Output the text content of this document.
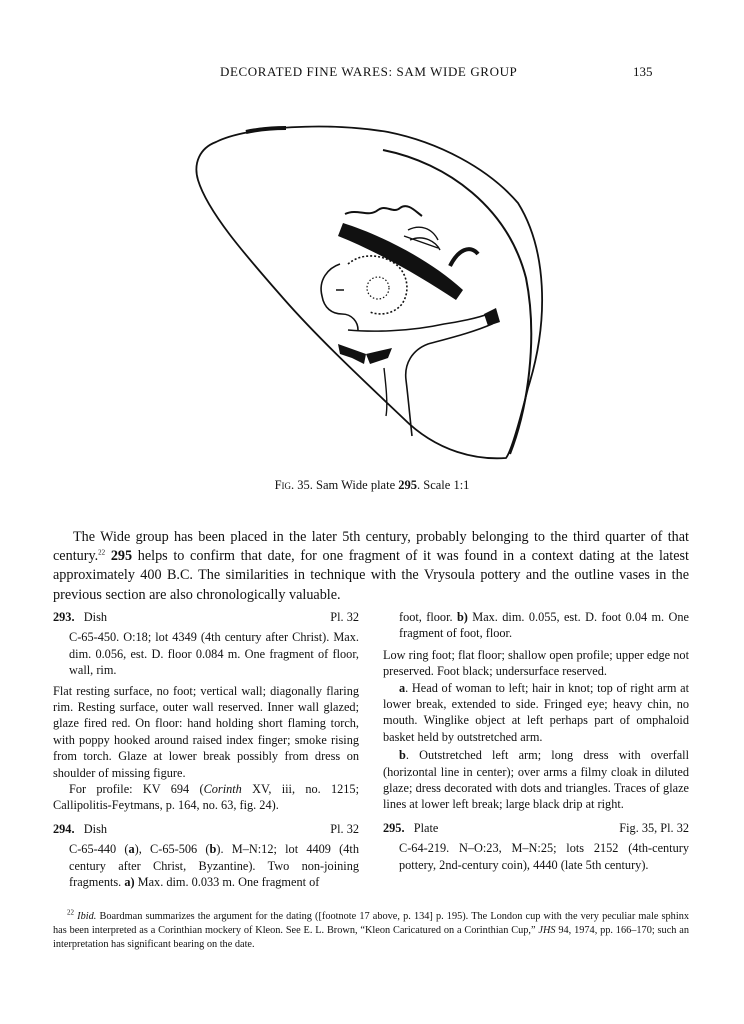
DECORATED FINE WARES: SAM WIDE GROUP	135
Fig. 35. Sam Wide plate 295. Scale 1:1
The Wide group has been placed in the later 5th century, probably belonging to the third quarter of that century.$^{22}$ 295 helps to confirm that date, for one fragment of it was found in a context dating at the latest approximately 400 B.C. The similarities in technique with the Vrysoula pottery and the outline vases in the previous section are also chronologically valuable.
293. Dish	Pl. 32

C-65-450. O:18; lot 4349 (4th century after Christ). Max. dim. 0.056, est. D. floor 0.084 m. One fragment of floor, wall, rim.

Flat resting surface, no foot; vertical wall; diagonally flaring rim. Resting surface, outer wall reserved. Inner wall glazed; glaze fired red. On floor: hand holding short flaming torch, with poppy hooked around raised index finger; smoke rising from torch. Glaze at lower break possibly from dress on shoulder of missing figure.

For profile: KV 694 (Corinth XV, iii, no. 1215; Callipolitis-Feytmans, p. 164, no. 63, fig. 24).

294. Dish	Pl. 32

C-65-440 (a), C-65-506 (b). M–N:12; lot 4409 (4th century after Christ, Byzantine). Two non-joining fragments. a) Max. dim. 0.033 m. One fragment of

foot, floor. b) Max. dim. 0.055, est. D. foot 0.04 m. One fragment of foot, floor.

Low ring foot; flat floor; shallow open profile; upper edge not preserved. Foot black; undersurface reserved.

a. Head of woman to left; hair in knot; top of right arm at lower break, extended to side. Fringed eye; heavy chin, no mouth. Winglike object at left perhaps part of omphaloid basket held by outstretched arm.

b. Outstretched left arm; long dress with overfall (horizontal line in center); over arms a filmy cloak in diluted glaze; dress decorated with dots and triangles. Traces of glaze lines at lower left break; large black drip at right.

295. Plate	Fig. 35, Pl. 32

C-64-219. N–O:23, M–N:25; lots 2152 (4th-century pottery, 2nd-century coin), 4440 (late 5th century).

$^{22}$ Ibid. Boardman summarizes the argument for the dating ([footnote 17 above, p. 134] p. 195). The London cup with the very peculiar male sphinx has been interpreted as a Corinthian mockery of Kleon. See E. L. Brown, “Kleon Caricatured on a Corinthian Cup,” JHS 94, 1974, pp. 166–170; such an interpretation has significant bearing on the date.
